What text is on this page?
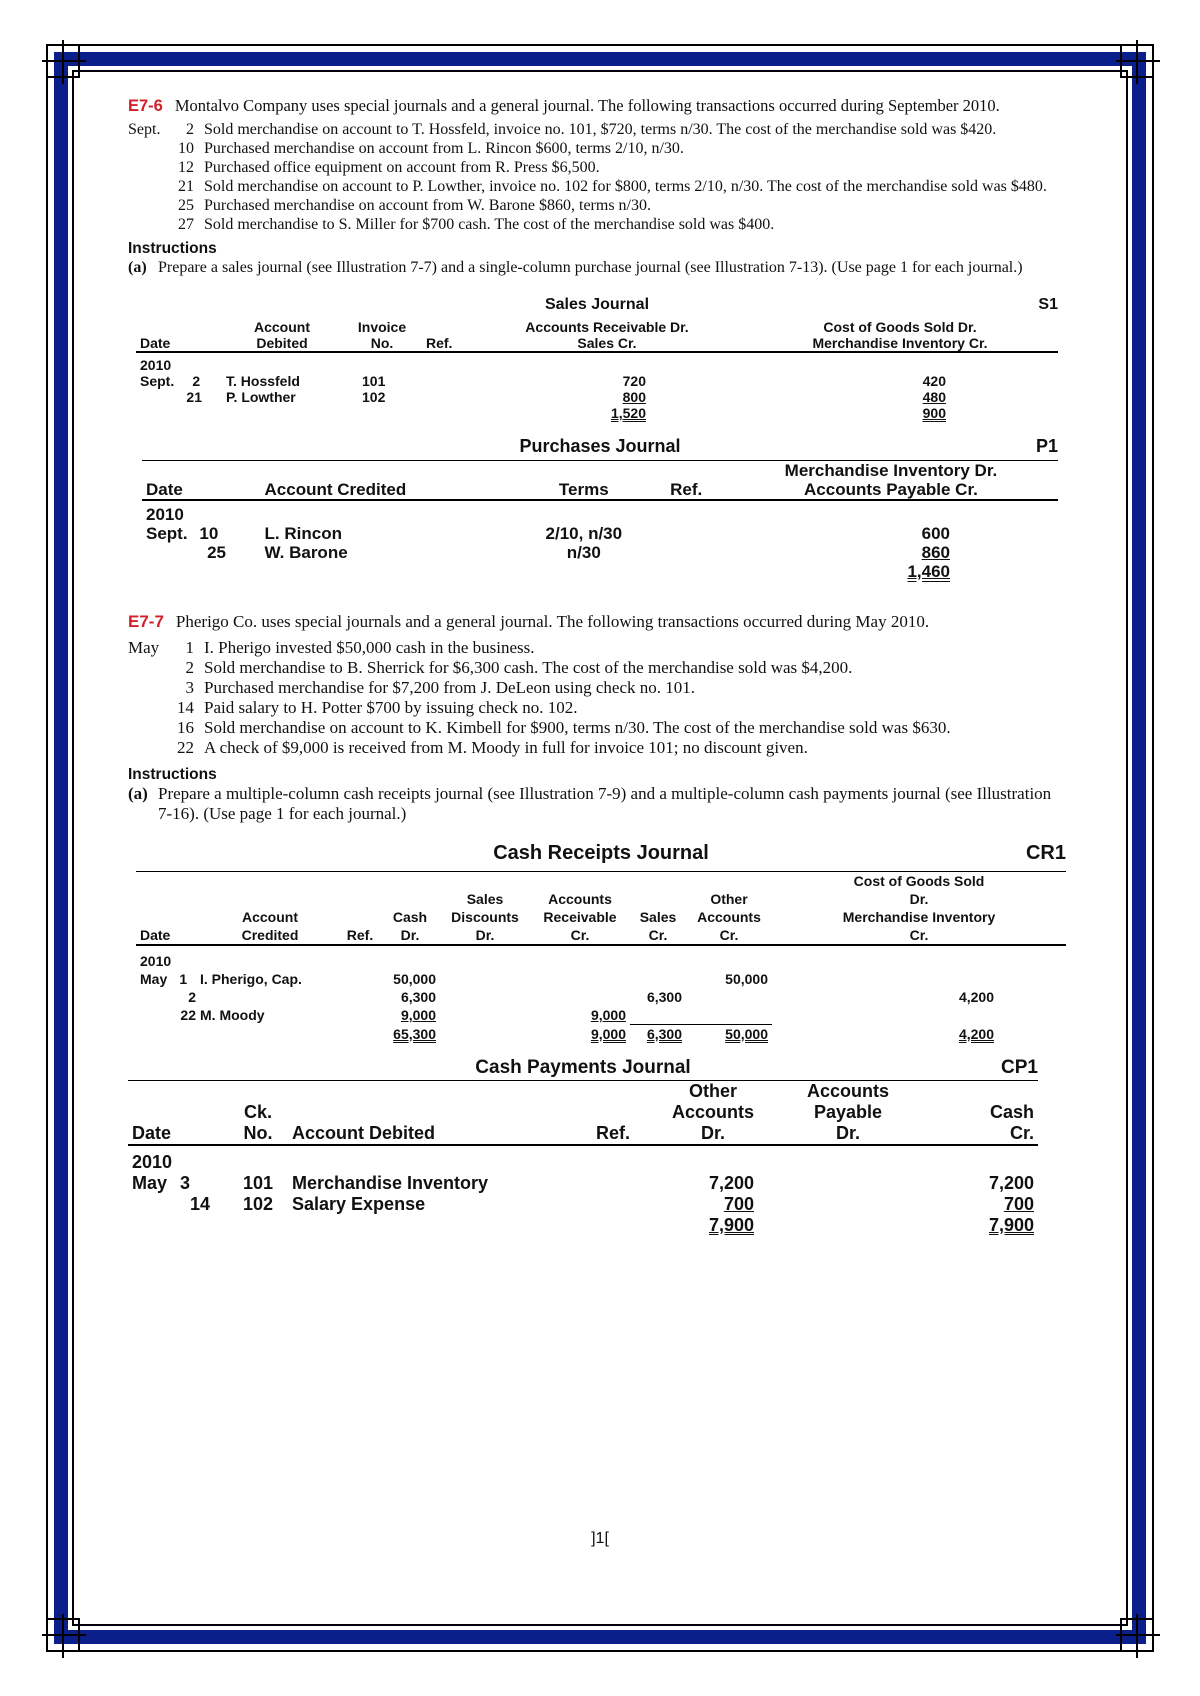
E7-6 Montalvo Company uses special journals and a general journal. The following transactions occurred during September 2010.

Sept.	2 Sold merchandise on account to T. Hossfeld, invoice no. 101, $720, terms n/30. The cost of the merchandise sold was $420.
10 Purchased merchandise on account from L. Rincon $600, terms 2/10, n/30.
12 Purchased office equipment on account from R. Press $6,500.
21 Sold merchandise on account to P. Lowther, invoice no. 102 for $800, terms 2/10, n/30. The cost of the merchandise sold was $480.
25 Purchased merchandise on account from W. Barone $860, terms n/30.
27 Sold merchandise to S. Miller for $700 cash. The cost of the merchandise sold was $400.
Instructions

(a) Prepare a sales journal (see Illustration 7-7) and a single-column purchase journal (see Illustration 7-13). (Use page 1 for each journal.)

Sales Journal	S1
	Account	Invoice		Accounts Receivable Dr.	Cost of Goods Sold Dr.
Date	Debited	No.	Ref.	Sales Cr.	Merchandise Inventory Cr.
2010					
Sept. 2	T. Hossfeld	101		720	420
21	P. Lowther	102		800	480
				1,520	900
Purchases Journal	P1
				Merchandise Inventory Dr.
Date	Account Credited	Terms	Ref.	Accounts Payable Cr.
2010				
Sept. 10	L. Rincon	2/10, n/30		600
25	W. Barone	n/30		860
				1,460

E7-7 Pherigo Co. uses special journals and a general journal. The following transactions occurred during May 2010.

May	1 I. Pherigo invested $50,000 cash in the business.
2 Sold merchandise to B. Sherrick for $6,300 cash. The cost of the merchandise sold was $4,200.
3 Purchased merchandise for $7,200 from J. DeLeon using check no. 101.
14 Paid salary to H. Potter $700 by issuing check no. 102.
16 Sold merchandise on account to K. Kimbell for $900, terms n/30. The cost of the merchandise sold was $630.
22 A check of $9,000 is received from M. Moody in full for invoice 101; no discount given.
Instructions

(a) Prepare a multiple-column cash receipts journal (see Illustration 7-9) and a multiple-column cash payments journal (see Illustration 7-16). (Use page 1 for each journal.)

Cash Receipts Journal	CR1
								Cost of Goods Sold
				Sales	Accounts		Other	Dr.
	Account		Cash	Discounts	Receivable	Sales	Accounts	Merchandise Inventory
Date	Credited	Ref.	Dr.	Dr.	Cr.	Cr.	Cr.	Cr.
2010								
May 1	I. Pherigo, Cap.		50,000				50,000	
2			6,300			6,300		4,200
22	M. Moody		9,000		9,000			
			65,300		9,000	6,300	50,000	4,200
Cash Payments Journal	CP1
				Other	Accounts	
	Ck.			Accounts	Payable	Cash
Date	No.	Account Debited	Ref.	Dr.	Dr.	Cr.
2010						
May 3	101	Merchandise Inventory		7,200		7,200
14	102	Salary Expense		700		700
				7,900		7,900
]1[
